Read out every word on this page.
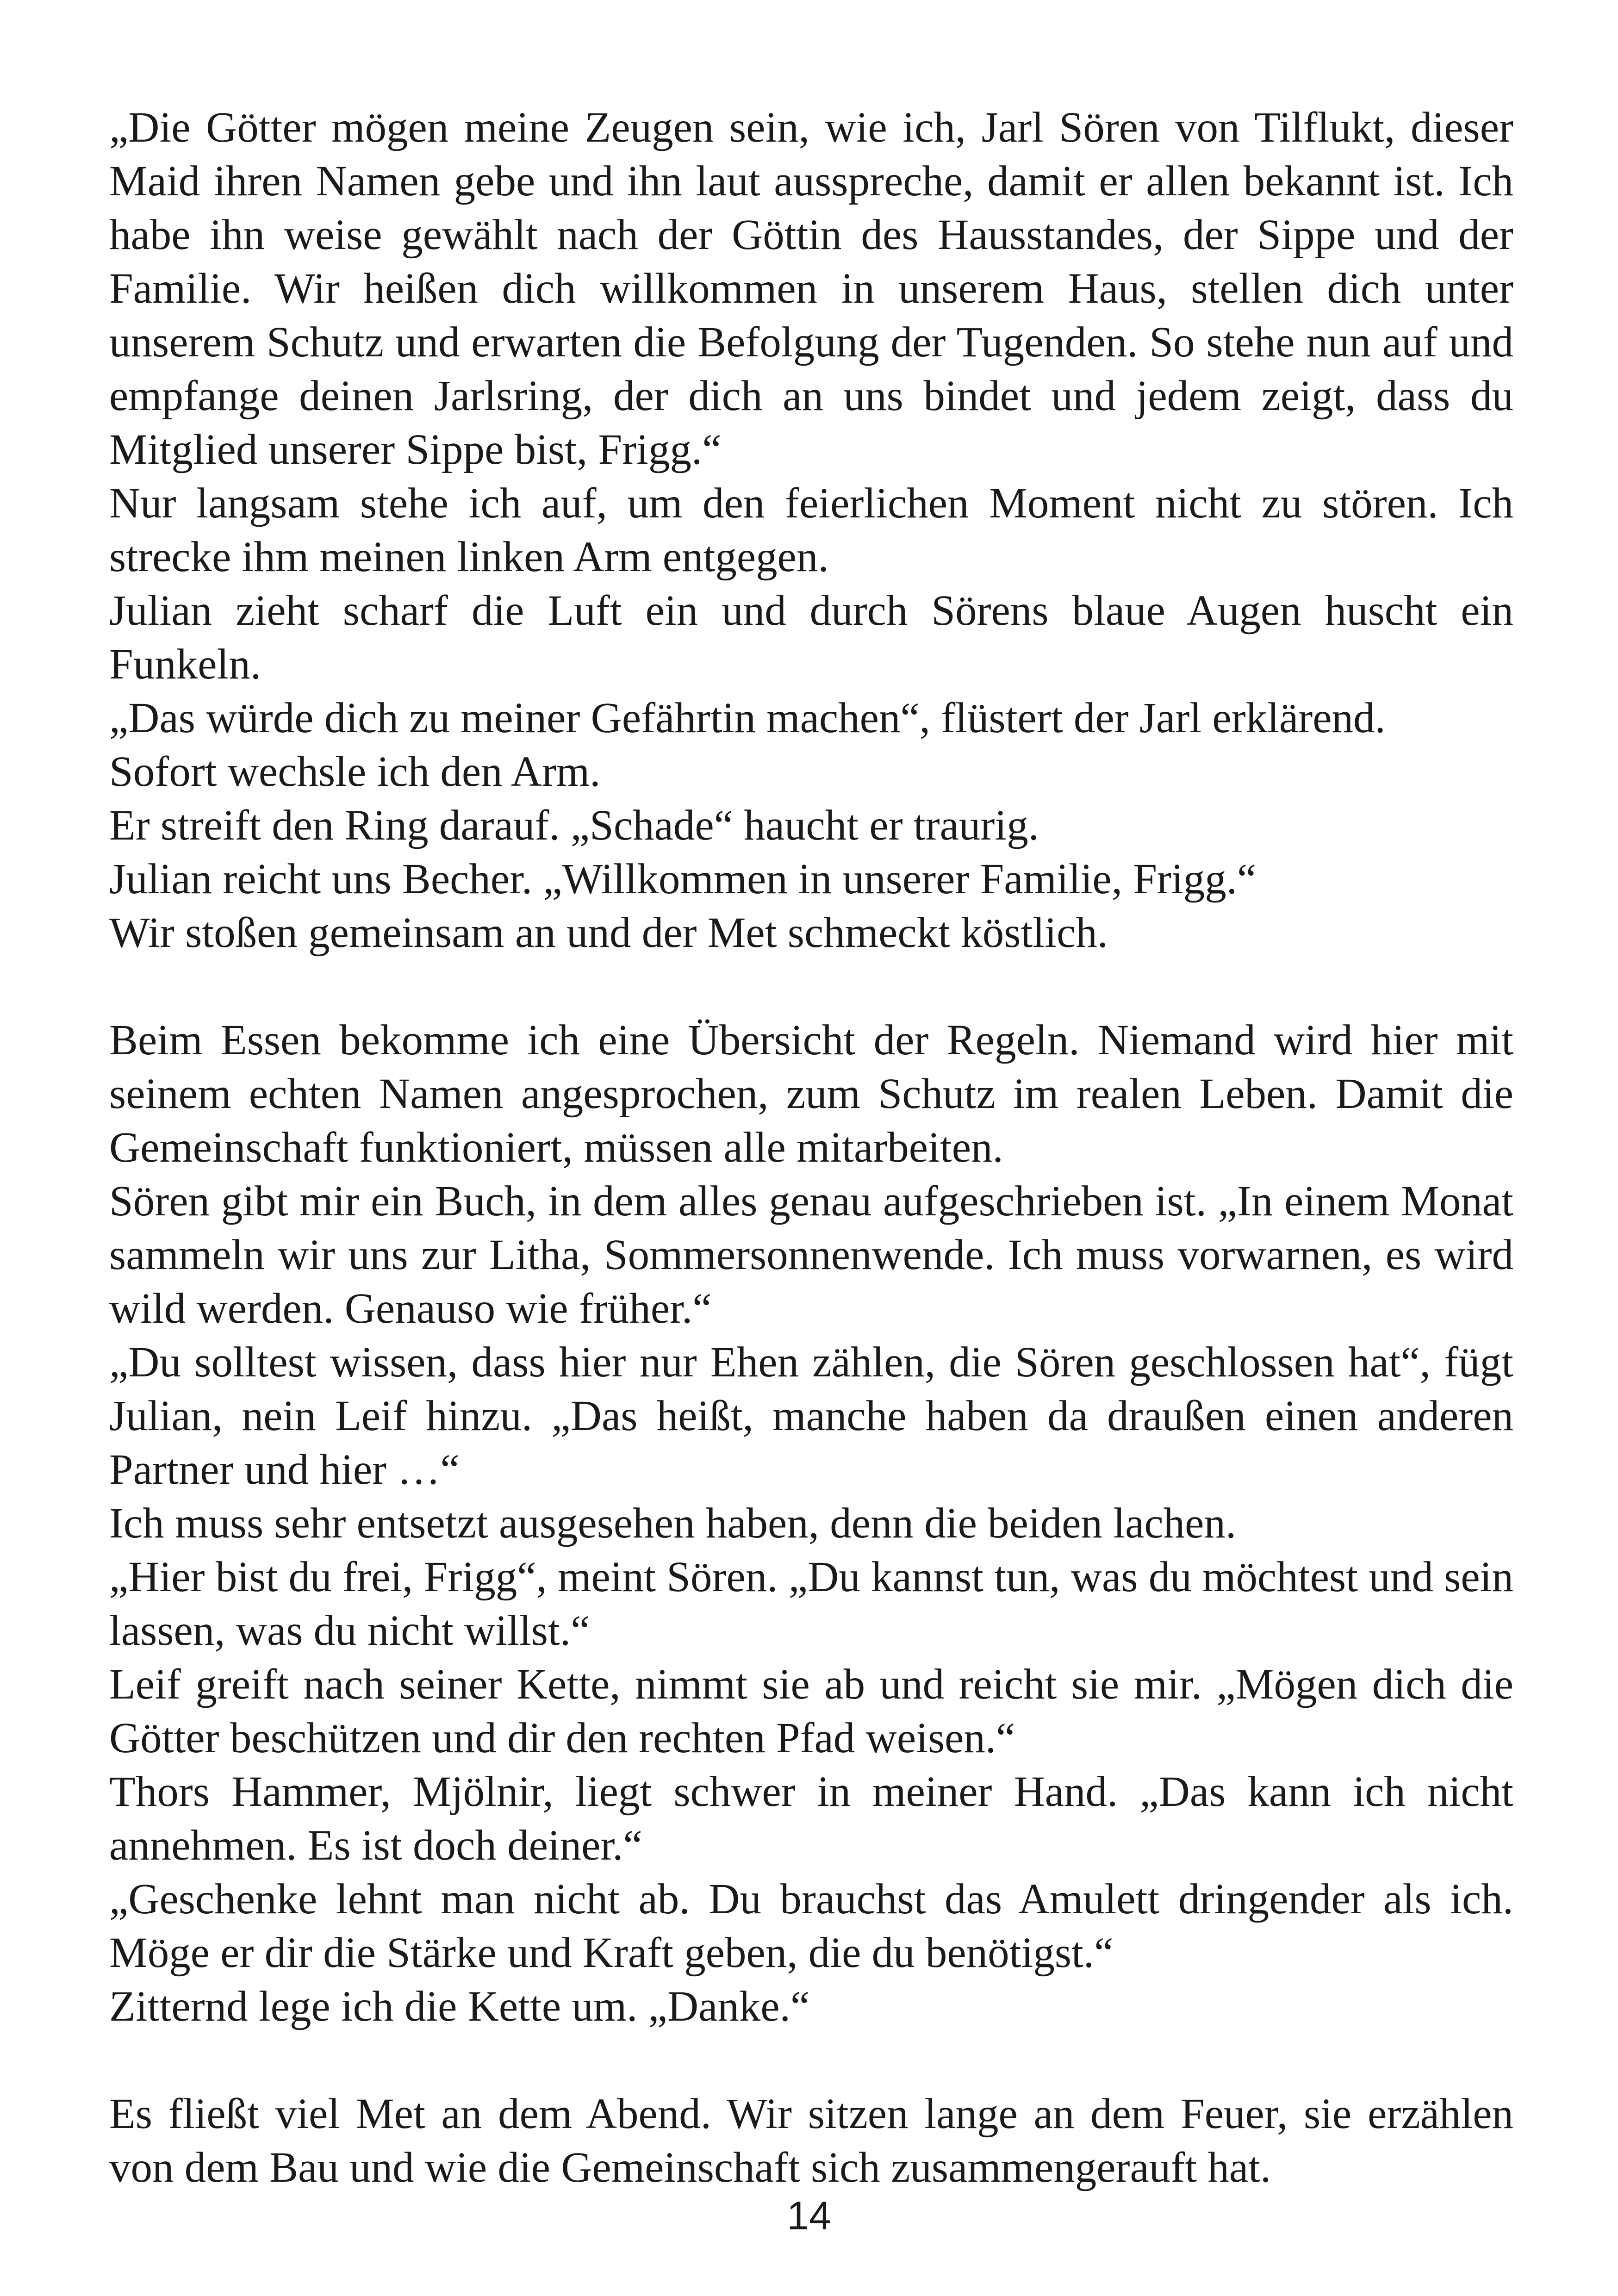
„Die Götter mögen meine Zeugen sein, wie ich, Jarl Sören von Tilflukt, dieser Maid ihren Namen gebe und ihn laut ausspreche, damit er allen bekannt ist. Ich habe ihn weise gewählt nach der Göttin des Hausstandes, der Sippe und der Familie. Wir heißen dich willkommen in unserem Haus, stellen dich unter unserem Schutz und erwarten die Befolgung der Tugenden. So stehe nun auf und empfange deinen Jarlsring, der dich an uns bindet und jedem zeigt, dass du Mitglied unserer Sippe bist, Frigg.“

Nur langsam stehe ich auf, um den feierlichen Moment nicht zu stören. Ich strecke ihm meinen linken Arm entgegen.

Julian zieht scharf die Luft ein und durch Sörens blaue Augen huscht ein Funkeln.

„Das würde dich zu meiner Gefährtin machen“, flüstert der Jarl erklärend.

Sofort wechsle ich den Arm.

Er streift den Ring darauf. „Schade“ haucht er traurig.

Julian reicht uns Becher. „Willkommen in unserer Familie, Frigg.“

Wir stoßen gemeinsam an und der Met schmeckt köstlich.

Beim Essen bekomme ich eine Übersicht der Regeln. Niemand wird hier mit seinem echten Namen angesprochen, zum Schutz im realen Leben. Damit die Gemeinschaft funktioniert, müssen alle mitarbeiten.

Sören gibt mir ein Buch, in dem alles genau aufgeschrieben ist. „In einem Monat sammeln wir uns zur Litha, Sommersonnenwende. Ich muss vorwarnen, es wird wild werden. Genauso wie früher.“

„Du solltest wissen, dass hier nur Ehen zählen, die Sören geschlossen hat“, fügt Julian, nein Leif hinzu. „Das heißt, manche haben da draußen einen anderen Partner und hier …“

Ich muss sehr entsetzt ausgesehen haben, denn die beiden lachen.

„Hier bist du frei, Frigg“, meint Sören. „Du kannst tun, was du möchtest und sein lassen, was du nicht willst.“

Leif greift nach seiner Kette, nimmt sie ab und reicht sie mir. „Mögen dich die Götter beschützen und dir den rechten Pfad weisen.“

Thors Hammer, Mjölnir, liegt schwer in meiner Hand. „Das kann ich nicht annehmen. Es ist doch deiner.“

„Geschenke lehnt man nicht ab. Du brauchst das Amulett dringender als ich. Möge er dir die Stärke und Kraft geben, die du benötigst.“

Zitternd lege ich die Kette um. „Danke.“

Es fließt viel Met an dem Abend. Wir sitzen lange an dem Feuer, sie erzählen von dem Bau und wie die Gemeinschaft sich zusammengerauft hat.

14
